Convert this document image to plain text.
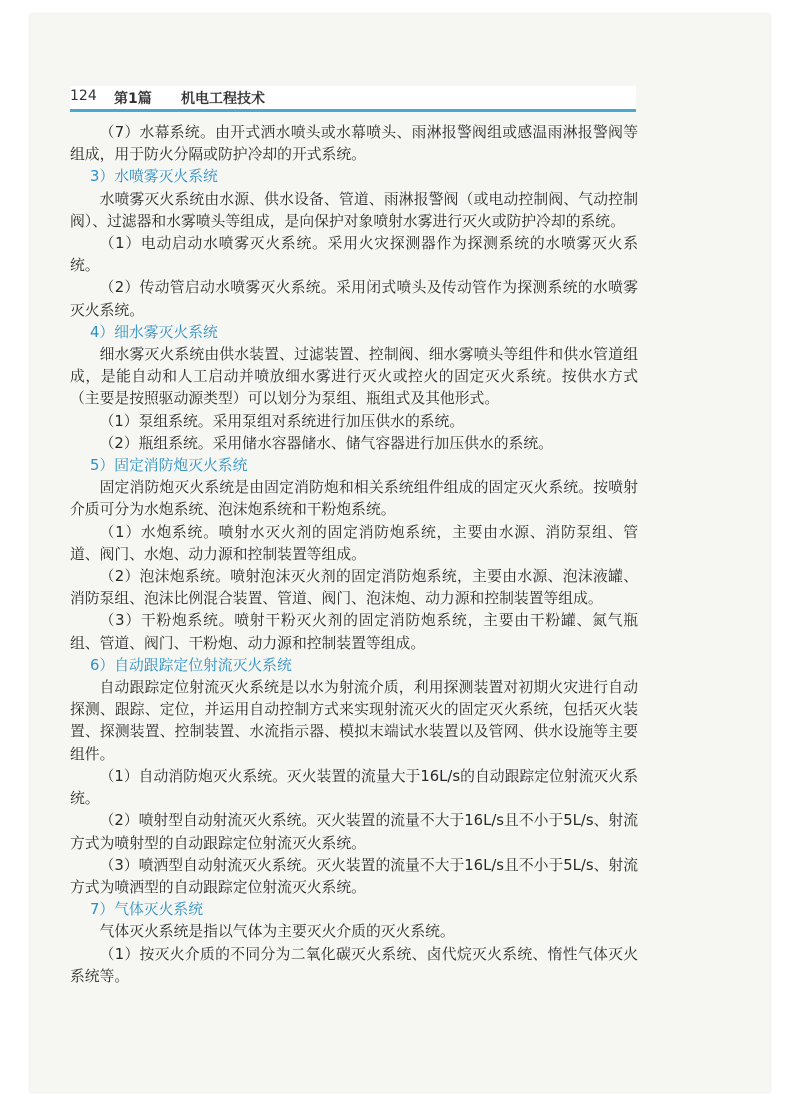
124 第1篇 机电工程技术

（7）水幕系统。由开式洒水喷头或水幕喷头、雨淋报警阀组或感温雨淋报警阀等组成，用于防火分隔或防护冷却的开式系统。

3）水喷雾灭火系统

水喷雾灭火系统由水源、供水设备、管道、雨淋报警阀（或电动控制阀、气动控制阀）、过滤器和水雾喷头等组成，是向保护对象喷射水雾进行灭火或防护冷却的系统。

（1）电动启动水喷雾灭火系统。采用火灾探测器作为探测系统的水喷雾灭火系统。

（2）传动管启动水喷雾灭火系统。采用闭式喷头及传动管作为探测系统的水喷雾灭火系统。

4）细水雾灭火系统

细水雾灭火系统由供水装置、过滤装置、控制阀、细水雾喷头等组件和供水管道组成，是能自动和人工启动并喷放细水雾进行灭火或控火的固定灭火系统。按供水方式（主要是按照驱动源类型）可以划分为泵组、瓶组式及其他形式。

（1）泵组系统。采用泵组对系统进行加压供水的系统。

（2）瓶组系统。采用储水容器储水、储气容器进行加压供水的系统。

5）固定消防炮灭火系统

固定消防炮灭火系统是由固定消防炮和相关系统组件组成的固定灭火系统。按喷射介质可分为水炮系统、泡沫炮系统和干粉炮系统。

（1）水炮系统。喷射水灭火剂的固定消防炮系统，主要由水源、消防泵组、管道、阀门、水炮、动力源和控制装置等组成。

（2）泡沫炮系统。喷射泡沫灭火剂的固定消防炮系统，主要由水源、泡沫液罐、消防泵组、泡沫比例混合装置、管道、阀门、泡沫炮、动力源和控制装置等组成。

（3）干粉炮系统。喷射干粉灭火剂的固定消防炮系统，主要由干粉罐、氮气瓶组、管道、阀门、干粉炮、动力源和控制装置等组成。

6）自动跟踪定位射流灭火系统

自动跟踪定位射流灭火系统是以水为射流介质，利用探测装置对初期火灾进行自动探测、跟踪、定位，并运用自动控制方式来实现射流灭火的固定灭火系统，包括灭火装置、探测装置、控制装置、水流指示器、模拟末端试水装置以及管网、供水设施等主要组件。

（1）自动消防炮灭火系统。灭火装置的流量大于16L/s的自动跟踪定位射流灭火系统。

（2）喷射型自动射流灭火系统。灭火装置的流量不大于16L/s且不小于5L/s、射流方式为喷射型的自动跟踪定位射流灭火系统。

（3）喷洒型自动射流灭火系统。灭火装置的流量不大于16L/s且不小于5L/s、射流方式为喷洒型的自动跟踪定位射流灭火系统。

7）气体灭火系统

气体灭火系统是指以气体为主要灭火介质的灭火系统。

（1）按灭火介质的不同分为二氧化碳灭火系统、卤代烷灭火系统、惰性气体灭火系统等。
